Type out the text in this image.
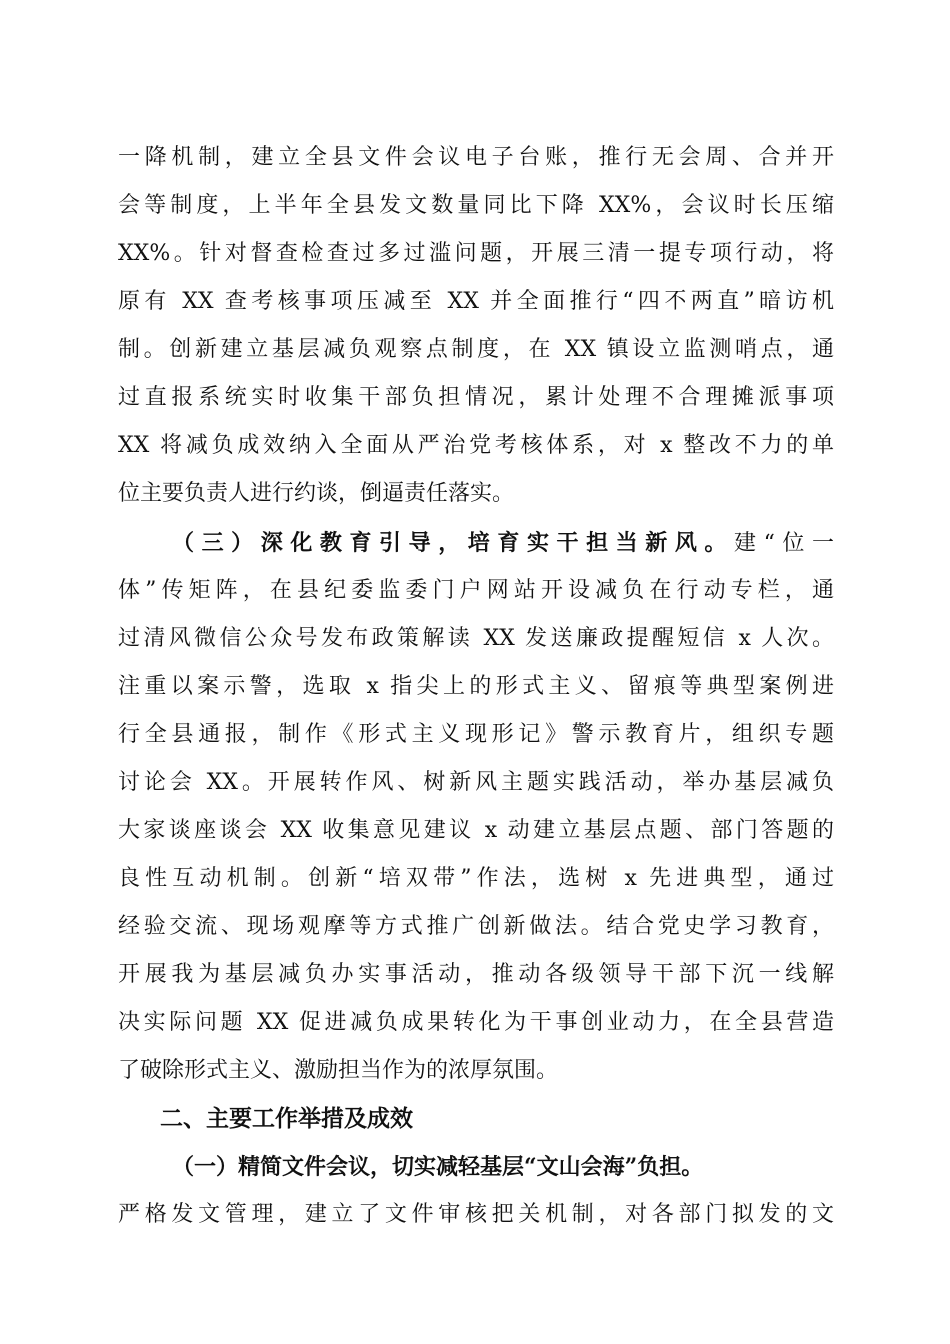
一降机制，建立全县文件会议电子台账，推行无会周、合并开
会等制度，上半年全县发文数量同比下降 XX%，会议时长压缩
XX%。针对督查检查过多过滥问题，开展三清一提专项行动，将
原有 XX 查考核事项压减至 XX 并全面推行“四不两直”暗访机
制。创新建立基层减负观察点制度，在 XX 镇设立监测哨点，通
过直报系统实时收集干部负担情况，累计处理不合理摊派事项
XX 将减负成效纳入全面从严治党考核体系，对 x 整改不力的单
位主要负责人进行约谈，倒逼责任落实。
（三）深化教育引导，培育实干担当新风。建“位一
体”传矩阵，在县纪委监委门户网站开设减负在行动专栏，通
过清风微信公众号发布政策解读 XX 发送廉政提醒短信 x 人次。
注重以案示警，选取 x 指尖上的形式主义、留痕等典型案例进
行全县通报，制作《形式主义现形记》警示教育片，组织专题
讨论会 XX。开展转作风、树新风主题实践活动，举办基层减负
大家谈座谈会 XX 收集意见建议 x 动建立基层点题、部门答题的
良性互动机制。创新“培双带”作法，选树 x 先进典型，通过
经验交流、现场观摩等方式推广创新做法。结合党史学习教育，
开展我为基层减负办实事活动，推动各级领导干部下沉一线解
决实际问题 XX 促进减负成果转化为干事创业动力，在全县营造
了破除形式主义、激励担当作为的浓厚氛围。
二、主要工作举措及成效
（一）精简文件会议，切实减轻基层“文山会海”负担。
严格发文管理，建立了文件审核把关机制，对各部门拟发的文
